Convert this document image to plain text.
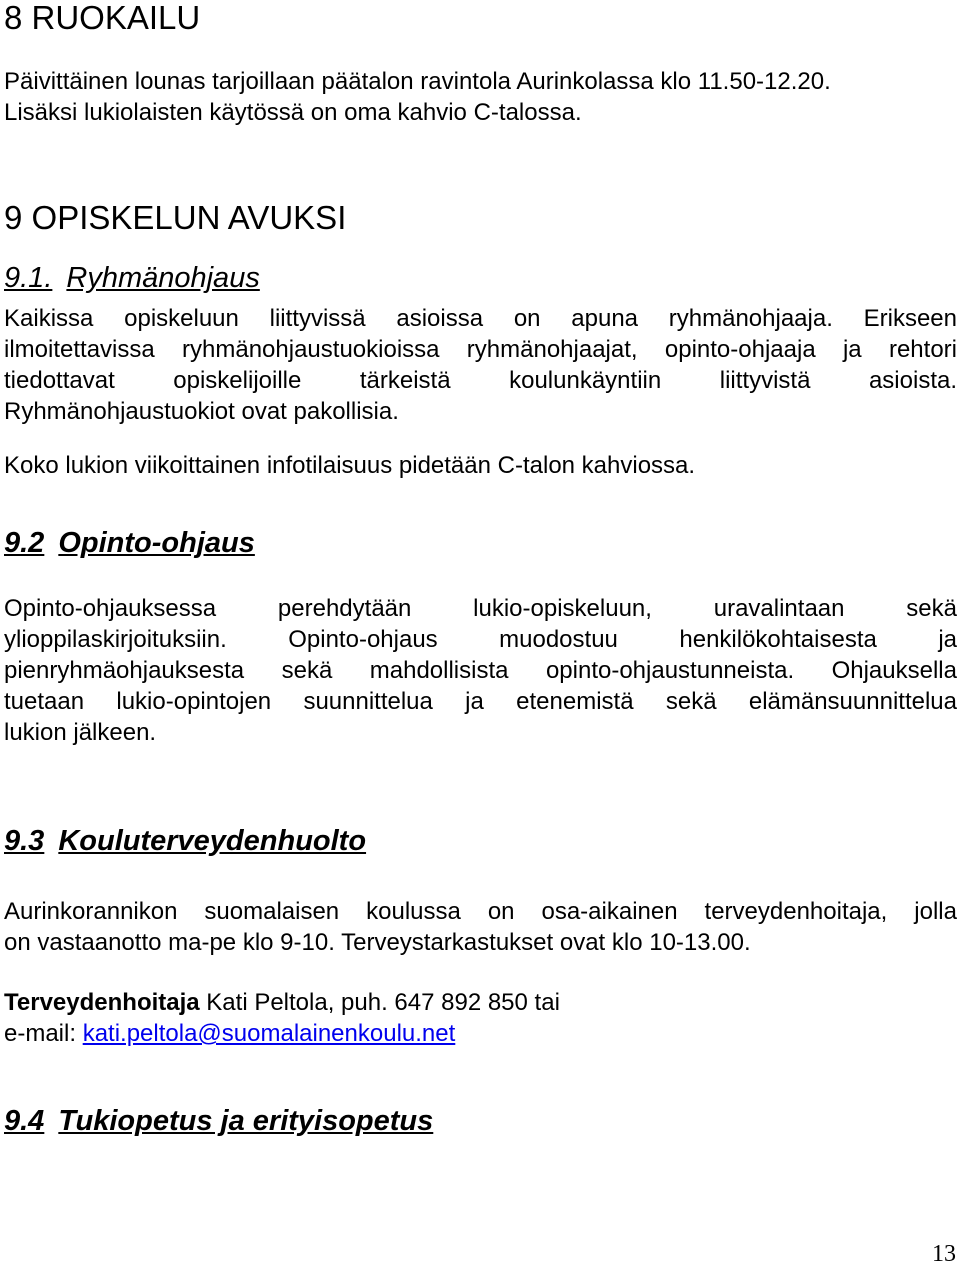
8 RUOKAILU
Päivittäinen lounas tarjoillaan päätalon ravintola Aurinkolassa klo 11.50-12.20.
Lisäksi lukiolaisten käytössä on oma kahvio C-talossa.
9 OPISKELUN AVUKSI
9.1. Ryhmänohjaus
Kaikissa opiskeluun liittyvissä asioissa on apuna ryhmänohjaaja. Erikseen
ilmoitettavissa ryhmänohjaustuokioissa ryhmänohjaajat, opinto-ohjaaja ja rehtori
tiedottavat opiskelijoille tärkeistä koulunkäyntiin liittyvistä asioista.
Ryhmänohjaustuokiot ovat pakollisia.
Koko lukion viikoittainen infotilaisuus pidetään C-talon kahviossa.
9.2 Opinto-ohjaus
Opinto-ohjauksessa perehdytään lukio-opiskeluun, uravalintaan sekä
ylioppilaskirjoituksiin. Opinto-ohjaus muodostuu henkilökohtaisesta ja
pienryhmäohjauksesta sekä mahdollisista opinto-ohjaustunneista. Ohjauksella
tuetaan lukio-opintojen suunnittelua ja etenemistä sekä elämänsuunnittelua
lukion jälkeen.
9.3 Kouluterveydenhuolto
Aurinkorannikon suomalaisen koulussa on osa-aikainen terveydenhoitaja, jolla
on vastaanotto ma-pe klo 9-10. Terveystarkastukset ovat klo 10-13.00.
Terveydenhoitaja Kati Peltola, puh. 647 892 850 tai
e-mail: kati.peltola@suomalainenkoulu.net
9.4 Tukiopetus ja erityisopetus
13
